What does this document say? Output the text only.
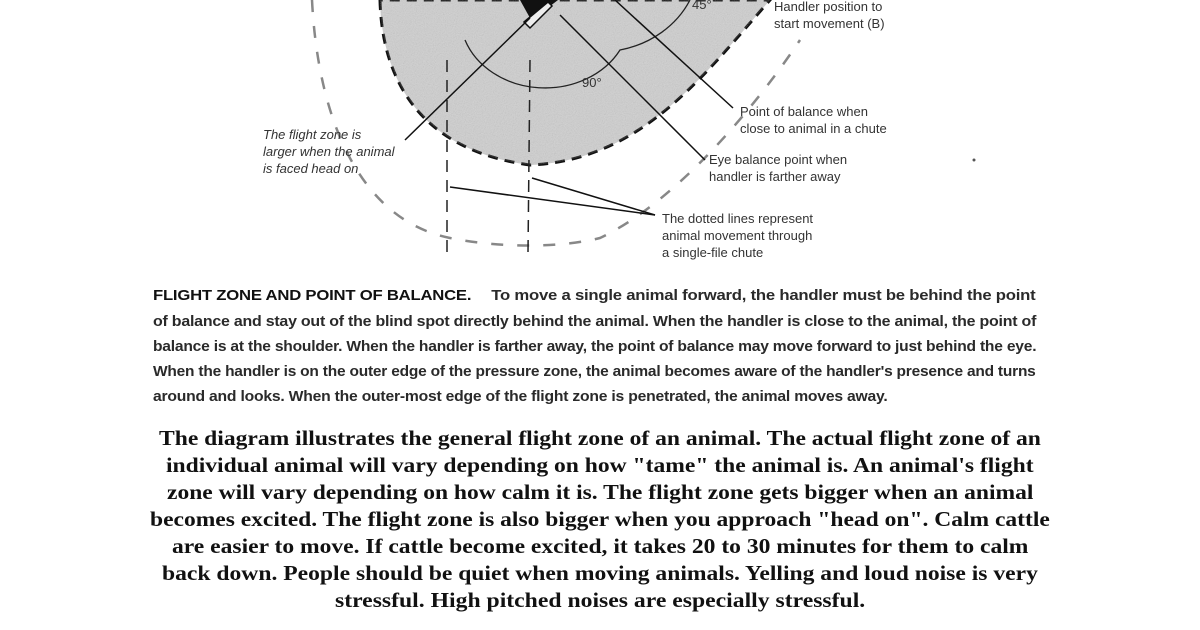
45°
90°
Handler position to
start movement (B)
Point of balance when
close to animal in a chute
The flight zone is
larger when the animal
is faced head on
Eye balance point when
handler is farther away
The dotted lines represent
animal movement through
a single-file chute
FLIGHT ZONE AND POINT OF BALANCE. To move a single animal forward, the handler must be behind the point
of balance and stay out of the blind spot directly behind the animal. When the handler is close to the animal, the point of
balance is at the shoulder. When the handler is farther away, the point of balance may move forward to just behind the eye.
When the handler is on the outer edge of the pressure zone, the animal becomes aware of the handler's presence and turns
around and looks. When the outer-most edge of the flight zone is penetrated, the animal moves away.
The diagram illustrates the general flight zone of an animal. The actual flight zone of an
individual animal will vary depending on how "tame" the animal is. An animal's flight
zone will vary depending on how calm it is. The flight zone gets bigger when an animal
becomes excited. The flight zone is also bigger when you approach "head on". Calm cattle
are easier to move. If cattle become excited, it takes 20 to 30 minutes for them to calm
back down. People should be quiet when moving animals. Yelling and loud noise is very
stressful. High pitched noises are especially stressful.
